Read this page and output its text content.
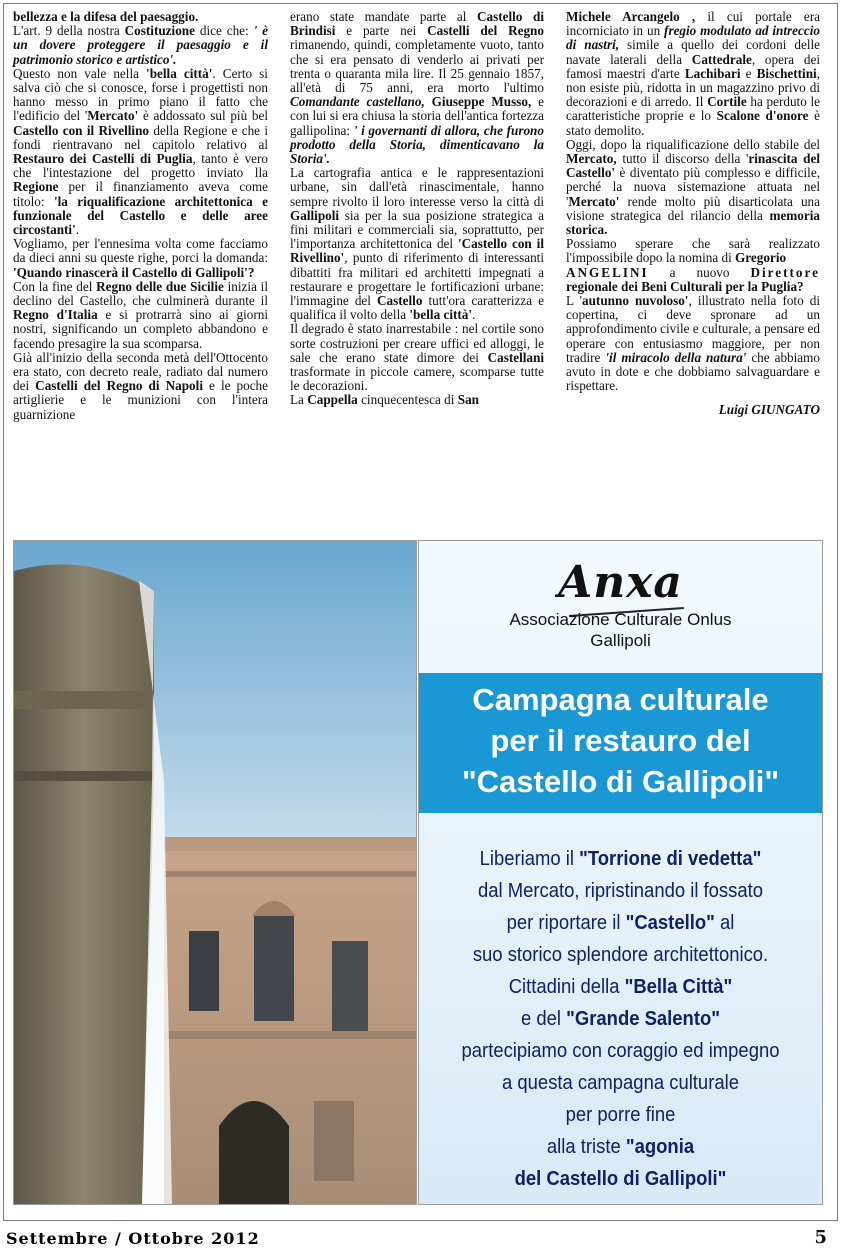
bellezza e la difesa del paesaggio.

L'art. 9 della nostra Costituzione dice che: ' è un dovere proteggere il paesaggio e il patrimonio storico e artistico'.

Questo non vale nella 'bella città'. Certo si salva ciò che si conosce, forse i progettisti non hanno messo in primo piano il fatto che l'edificio del 'Mercato' è addossato sul più bel Castello con il Rivellino della Regione e che i fondi rientravano nel capitolo relativo al Restauro dei Castelli di Puglia, tanto è vero che l'intestazione del progetto inviato lla Regione per il finanziamento aveva come titolo: 'la riqualificazione architettonica e funzionale del Castello e delle aree circostanti'.

Vogliamo, per l'ennesima volta come facciamo da dieci anni su queste righe, porci la domanda: 'Quando rinascerà il Castello di Gallipoli'?

Con la fine del Regno delle due Sicilie inizia il declino del Castello, che culminerà durante il Regno d'Italia e si protrarrà sino ai giorni nostri, significando un completo abbandono e facendo presagire la sua scomparsa.

Già all'inizio della seconda metà dell'Ottocento era stato, con decreto reale, radiato dal numero dei Castelli del Regno di Napoli e le poche artiglierie e le munizioni con l'intera guarnizione

erano state mandate parte al Castello di Brindisi e parte nei Castelli del Regno rimanendo, quindi, completamente vuoto, tanto che si era pensato di venderlo ai privati per trenta o quaranta mila lire. Il 25 gennaio 1857, all'età di 75 anni, era morto l'ultimo Comandante castellano, Giuseppe Musso, e con lui si era chiusa la storia dell'antica fortezza gallipolina: ' i governanti di allora, che furono prodotto della Storia, dimenticavano la Storia'.

La cartografia antica e le rappresentazioni urbane, sin dall'età rinascimentale, hanno sempre rivolto il loro interesse verso la città di Gallipoli sia per la sua posizione strategica a fini militari e commerciali sia, soprattutto, per l'importanza architettonica del 'Castello con il Rivellino', punto di riferimento di interessanti dibattiti fra militari ed architetti impegnati a restaurare e progettare le fortificazioni urbane: l'immagine del Castello tutt'ora caratterizza e qualifica il volto della 'bella città'.

Il degrado è stato inarrestabile : nel cortile sono sorte costruzioni per creare uffici ed alloggi, le sale che erano state dimore dei Castellani trasformate in piccole camere, scomparse tutte le decorazioni.

La Cappella cinquecentesca di San

Michele Arcangelo , il cui portale era incorniciato in un fregio modulato ad intreccio di nastri, simile a quello dei cordoni delle navate laterali della Cattedrale, opera dei famosi maestri d'arte Lachibari e Bischettini, non esiste più, ridotta in un magazzino privo di decorazioni e di arredo. Il Cortile ha perduto le caratteristiche proprie e lo Scalone d'onore è stato demolito.

Oggi, dopo la riqualificazione dello stabile del Mercato, tutto il discorso della 'rinascita del Castello' è diventato più complesso e difficile, perché la nuova sistemazione attuata nel 'Mercato' rende molto più disarticolata una visione strategica del rilancio della memoria storica.

Possiamo sperare che sarà realizzato l'impossibile dopo la nomina di Gregorio
ANGELINI a nuovo Direttore regionale dei Beni Culturali per la Puglia?

L 'autunno nuvoloso', illustrato nella foto di copertina, ci deve spronare ad un approfondimento civile e culturale, a pensare ed operare con entusiasmo maggiore, per non tradire 'il miracolo della natura' che abbiamo avuto in dote e che dobbiamo salvaguardare e rispettare.

Luigi GIUNGATO

Anxa
Associazione Culturale Onlus
Gallipoli
Campagna culturale
per il restauro del
"Castello di Gallipoli"
Liberiamo il "Torrione di vedetta"
dal Mercato, ripristinando il fossato
per riportare il "Castello" al
suo storico splendore architettonico.
Cittadini della "Bella Città"
e del "Grande Salento"
partecipiamo con coraggio ed impegno
a questa campagna culturale
per porre fine
alla triste "agonia
del Castello di Gallipoli"
Settembre / Ottobre 2012	5
